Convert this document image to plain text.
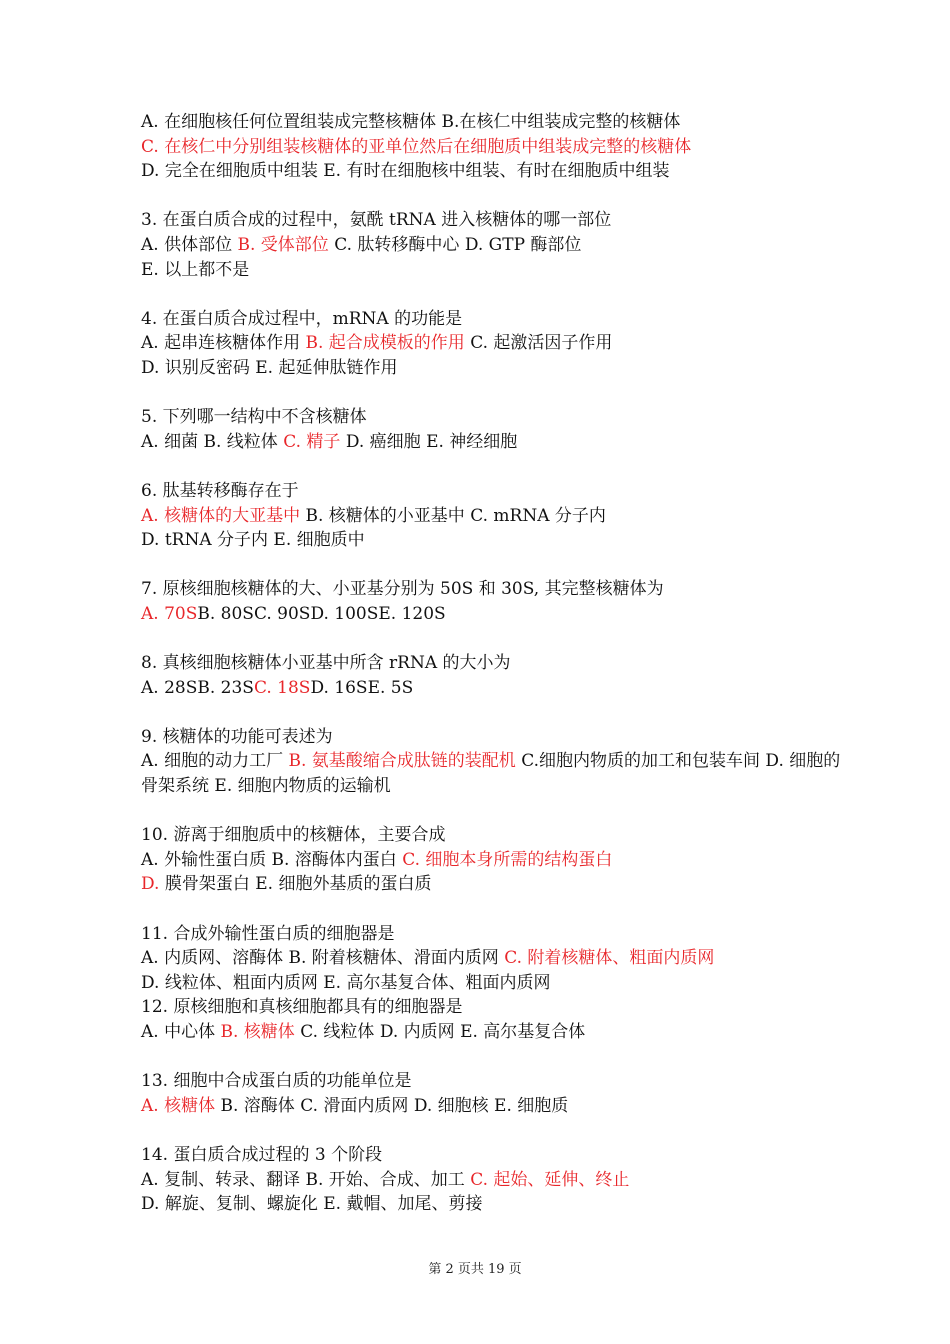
A. 在细胞核任何位置组装成完整核糖体 B.在核仁中组装成完整的核糖体
C. 在核仁中分别组装核糖体的亚单位然后在细胞质中组装成完整的核糖体
D. 完全在细胞质中组装 E. 有时在细胞核中组装、有时在细胞质中组装
3. 在蛋白质合成的过程中，氨酰 tRNA 进入核糖体的哪一部位
A. 供体部位 B. 受体部位 C. 肽转移酶中心 D. GTP 酶部位
E. 以上都不是
4. 在蛋白质合成过程中，mRNA 的功能是
A. 起串连核糖体作用 B. 起合成模板的作用 C. 起激活因子作用
D. 识别反密码 E. 起延伸肽链作用
5. 下列哪一结构中不含核糖体
A. 细菌 B. 线粒体 C. 精子 D. 癌细胞 E. 神经细胞
6. 肽基转移酶存在于
A. 核糖体的大亚基中 B. 核糖体的小亚基中 C. mRNA 分子内
D. tRNA 分子内 E. 细胞质中
7. 原核细胞核糖体的大、小亚基分别为 50S 和 30S, 其完整核糖体为
A. 70SB. 80SC. 90SD. 100SE. 120S
8. 真核细胞核糖体小亚基中所含 rRNA 的大小为
A. 28SB. 23SC. 18SD. 16SE. 5S
9. 核糖体的功能可表述为
A. 细胞的动力工厂 B. 氨基酸缩合成肽链的装配机 C.细胞内物质的加工和包装车间 D. 细胞的骨架系统 E. 细胞内物质的运输机
10. 游离于细胞质中的核糖体，主要合成
A. 外输性蛋白质 B. 溶酶体内蛋白 C. 细胞本身所需的结构蛋白
D. 膜骨架蛋白 E. 细胞外基质的蛋白质
11. 合成外输性蛋白质的细胞器是
A. 内质网、溶酶体 B. 附着核糖体、滑面内质网 C. 附着核糖体、粗面内质网
D. 线粒体、粗面内质网 E. 高尔基复合体、粗面内质网
12. 原核细胞和真核细胞都具有的细胞器是
A. 中心体 B. 核糖体 C. 线粒体 D. 内质网 E. 高尔基复合体
13. 细胞中合成蛋白质的功能单位是
A. 核糖体 B. 溶酶体 C. 滑面内质网 D. 细胞核 E. 细胞质
14. 蛋白质合成过程的 3 个阶段
A. 复制、转录、翻译 B. 开始、合成、加工 C. 起始、延伸、终止
D. 解旋、复制、螺旋化 E. 戴帽、加尾、剪接
第 2 页共 19 页
